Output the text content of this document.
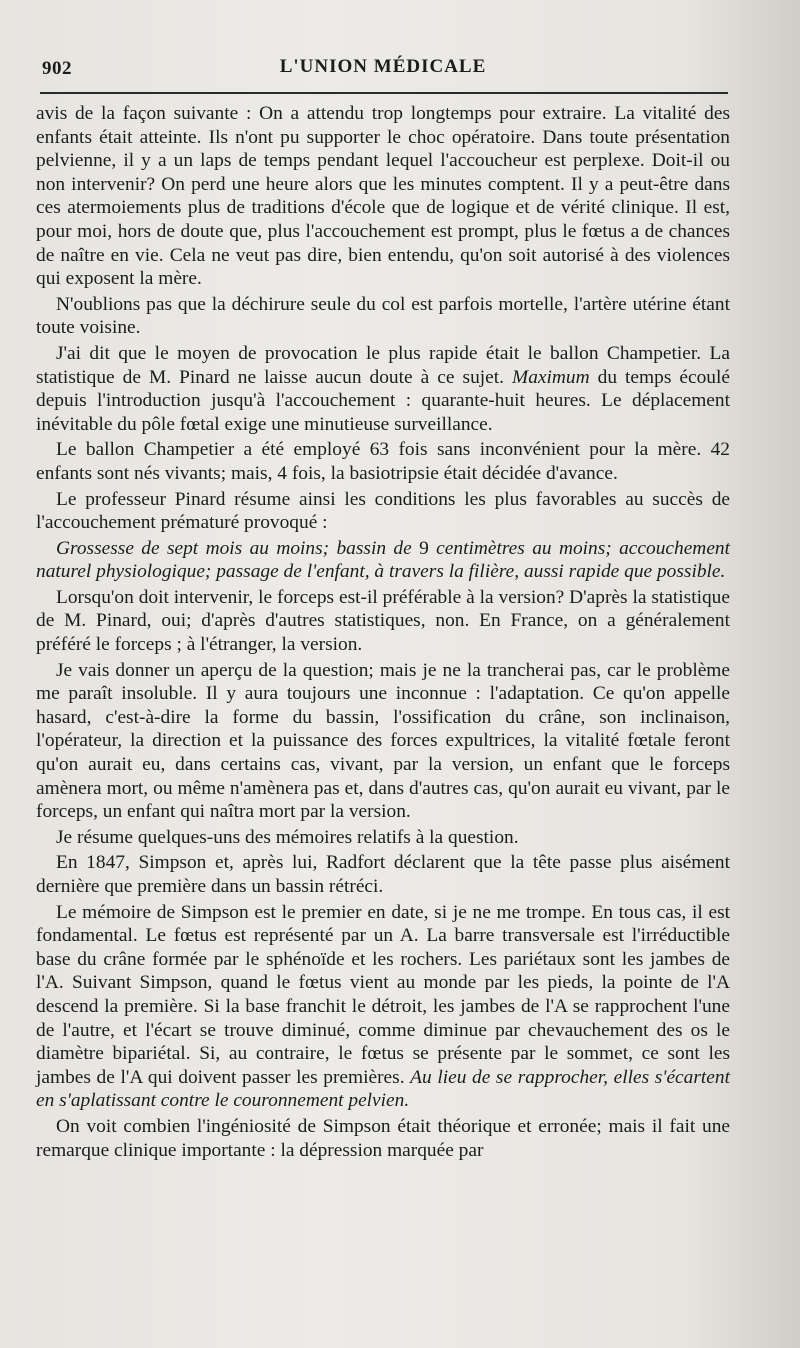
902	L'UNION MÉDICALE

avis de la façon suivante : On a attendu trop longtemps pour extraire. La vitalité des enfants était atteinte. Ils n'ont pu supporter le choc opératoire. Dans toute présentation pelvienne, il y a un laps de temps pendant lequel l'accoucheur est perplexe. Doit-il ou non intervenir? On perd une heure alors que les minutes comptent. Il y a peut-être dans ces atermoiements plus de traditions d'école que de logique et de vérité clinique. Il est, pour moi, hors de doute que, plus l'accouchement est prompt, plus le fœtus a de chances de naître en vie. Cela ne veut pas dire, bien entendu, qu'on soit autorisé à des violences qui exposent la mère.

N'oublions pas que la déchirure seule du col est parfois mortelle, l'artère utérine étant toute voisine.

J'ai dit que le moyen de provocation le plus rapide était le ballon Champetier. La statistique de M. Pinard ne laisse aucun doute à ce sujet. Maximum du temps écoulé depuis l'introduction jusqu'à l'accouchement : quarante-huit heures. Le déplacement inévitable du pôle fœtal exige une minutieuse surveillance.

Le ballon Champetier a été employé 63 fois sans inconvénient pour la mère. 42 enfants sont nés vivants; mais, 4 fois, la basiotripsie était décidée d'avance.

Le professeur Pinard résume ainsi les conditions les plus favorables au succès de l'accouchement prématuré provoqué :

Grossesse de sept mois au moins; bassin de 9 centimètres au moins; accouchement naturel physiologique; passage de l'enfant, à travers la filière, aussi rapide que possible.

Lorsqu'on doit intervenir, le forceps est-il préférable à la version? D'après la statistique de M. Pinard, oui; d'après d'autres statistiques, non. En France, on a généralement préféré le forceps ; à l'étranger, la version.

Je vais donner un aperçu de la question; mais je ne la trancherai pas, car le problème me paraît insoluble. Il y aura toujours une inconnue : l'adaptation. Ce qu'on appelle hasard, c'est-à-dire la forme du bassin, l'ossification du crâne, son inclinaison, l'opérateur, la direction et la puissance des forces expultrices, la vitalité fœtale feront qu'on aurait eu, dans certains cas, vivant, par la version, un enfant que le forceps amènera mort, ou même n'amènera pas et, dans d'autres cas, qu'on aurait eu vivant, par le forceps, un enfant qui naîtra mort par la version.

Je résume quelques-uns des mémoires relatifs à la question.

En 1847, Simpson et, après lui, Radfort déclarent que la tête passe plus aisément dernière que première dans un bassin rétréci.

Le mémoire de Simpson est le premier en date, si je ne me trompe. En tous cas, il est fondamental. Le fœtus est représenté par un A. La barre transversale est l'irréductible base du crâne formée par le sphénoïde et les rochers. Les pariétaux sont les jambes de l'A. Suivant Simpson, quand le fœtus vient au monde par les pieds, la pointe de l'A descend la première. Si la base franchit le détroit, les jambes de l'A se rapprochent l'une de l'autre, et l'écart se trouve diminué, comme diminue par chevauchement des os le diamètre bipariétal. Si, au contraire, le fœtus se présente par le sommet, ce sont les jambes de l'A qui doivent passer les premières. Au lieu de se rapprocher, elles s'écartent en s'aplatissant contre le couronnement pelvien.

On voit combien l'ingéniosité de Simpson était théorique et erronée; mais il fait une remarque clinique importante : la dépression marquée par
